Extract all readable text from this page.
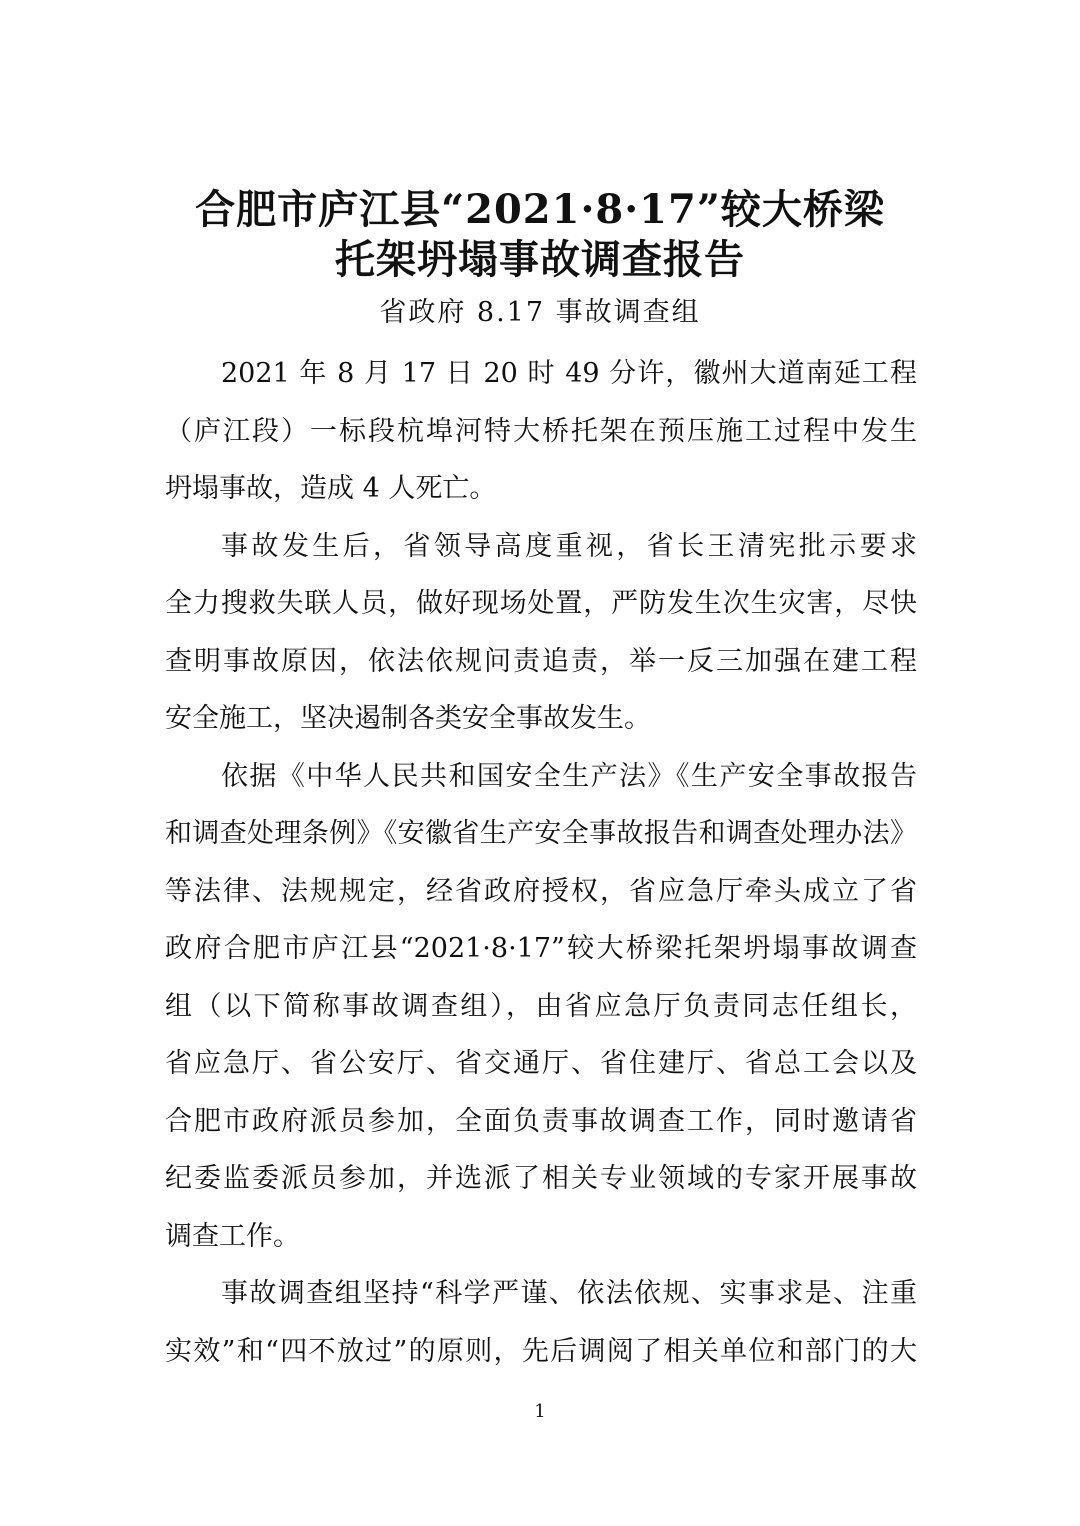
合肥市庐江县“2021·8·17”较大桥梁
托架坍塌事故调查报告
省政府 8.17 事故调查组
2021 年 8 月 17 日 20 时 49 分许，徽州大道南延工程
（庐江段）一标段杭埠河特大桥托架在预压施工过程中发生
坍塌事故，造成 4 人死亡。
事故发生后，省领导高度重视，省长王清宪批示要求
全力搜救失联人员，做好现场处置，严防发生次生灾害，尽快
查明事故原因，依法依规问责追责，举一反三加强在建工程
安全施工，坚决遏制各类安全事故发生。
依据《中华人民共和国安全生产法》《生产安全事故报告
和调查处理条例》《安徽省生产安全事故报告和调查处理办法》
等法律、法规规定，经省政府授权，省应急厅牵头成立了省
政府合肥市庐江县“2021·8·17”较大桥梁托架坍塌事故调查
组（以下简称事故调查组），由省应急厅负责同志任组长，
省应急厅、省公安厅、省交通厅、省住建厅、省总工会以及
合肥市政府派员参加，全面负责事故调查工作，同时邀请省
纪委监委派员参加，并选派了相关专业领域的专家开展事故
调查工作。
事故调查组坚持“科学严谨、依法依规、实事求是、注重
实效”和“四不放过”的原则，先后调阅了相关单位和部门的大
1
